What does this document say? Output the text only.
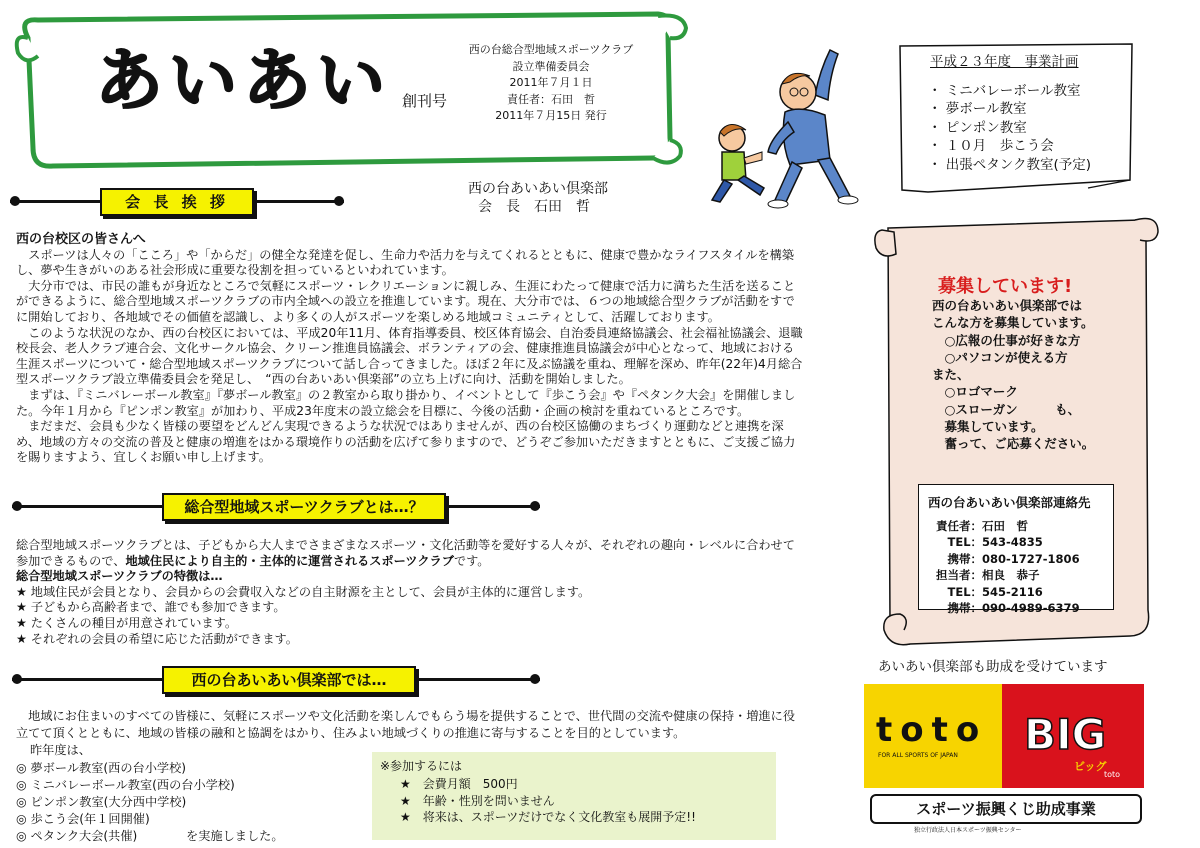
あいあい 創刊号
西の台総合型地域スポーツクラブ
設立準備委員会
2011年７月１日
責任者：石田　哲
2011年７月15日 発行
平成２３年度　事業計画
・ ミニバレーボール教室
・ 夢ボール教室
・ ピンポン教室
・ １０月　歩こう会
・ 出張ペタンク教室(予定)
会 長 挨 拶
西の台あいあい倶楽部
会　長　石田　哲

西の台校区の皆さんへ

　スポーツは人々の「こころ」や「からだ」の健全な発達を促し、生命力や活力を与えてくれるとともに、健康で豊かなライフスタイルを構築し、夢や生きがいのある社会形成に重要な役割を担っているといわれています。

　大分市では、市民の誰もが身近なところで気軽にスポーツ・レクリエーションに親しみ、生涯にわたって健康で活力に満ちた生活を送ることができるように、総合型地域スポーツクラブの市内全域への設立を推進しています。現在、大分市では、６つの地域総合型クラブが活動をすでに開始しており、各地域でその価値を認識し、より多くの人がスポーツを楽しめる地域コミュニティとして、活躍しております。

　このような状況のなか、西の台校区においては、平成20年11月、体育指導委員、校区体育協会、自治委員連絡協議会、社会福祉協議会、退職校長会、老人クラブ連合会、文化サークル協会、クリーン推進員協議会、ボランティアの会、健康推進員協議会が中心となって、地域における生涯スポーツについて・総合型地域スポーツクラブについて話し合ってきました。ほぼ２年に及ぶ協議を重ね、理解を深め、昨年(22年)4月総合型スポーツクラブ設立準備委員会を発足し、　“西の台あいあい倶楽部”の立ち上げに向け、活動を開始しました。

　まずは、『ミニバレーボール教室』『夢ボール教室』の２教室から取り掛かり、イベントとして『歩こう会』や『ペタンク大会』を開催しました。今年１月から『ピンポン教室』が加わり、平成23年度末の設立総会を目標に、今後の活動・企画の検討を重ねているところです。

　まだまだ、会員も少なく皆様の要望をどんどん実現できるような状況ではありませんが、西の台校区協働のまちづくり運動などと連携を深め、地域の方々の交流の普及と健康の増進をはかる環境作りの活動を広げて参りますので、どうぞご参加いただきますとともに、ご支援ご協力を賜りますよう、宜しくお願い申し上げます。

総合型地域スポーツクラブとは…？

総合型地域スポーツクラブとは、子どもから大人までさまざまなスポーツ・文化活動等を愛好する人々が、それぞれの趣向・レベルに合わせて参加できるもので、地域住民により自主的・主体的に運営されるスポーツクラブです。

総合型地域スポーツクラブの特徴は…

★ 地域住民が会員となり、会員からの会費収入などの自主財源を主として、会員が主体的に運営します。

★ 子どもから高齢者まで、誰でも参加できます。

★ たくさんの種目が用意されています。

★ それぞれの会員の希望に応じた活動ができます。

西の台あいあい倶楽部では…

　地域にお住まいのすべての皆様に、気軽にスポーツや文化活動を楽しんでもらう場を提供することで、世代間の交流や健康の保持・増進に役立てて頂くとともに、地域の皆様の融和と協調をはかり、住みよい地域づくりの推進に寄与することを目的としています。

昨年度は、

◎ 夢ボール教室(西の台小学校)

◎ ミニバレーボール教室(西の台小学校)

◎ ピンポン教室(大分西中学校)

◎ 歩こう会(年１回開催)

◎ ペタンク大会(共催)　　　　を実施しました。

※参加するには
★　会費月額　500円
★　年齢・性別を問いません
★　将来は、スポーツだけでなく文化教室も展開予定!!
募集しています!
西の台あいあい倶楽部では
こんな方を募集しています。
　○広報の仕事が好きな方
　○パソコンが使える方
また、
　○ロゴマーク
　○スローガン　　　も、
　募集しています。
　奮って、ご応募ください。
西の台あいあい倶楽部連絡先
責任者：石田　哲
　TEL：543-4835
　携帯：080-1727-1806
担当者：相良　恭子
　TEL：545-2116
　携帯：090-4989-6379
あいあい倶楽部も助成を受けています
toto
FOR ALL SPORTS OF JAPAN BIG
ビッグ
toto
スポーツ振興くじ助成事業
独立行政法人日本スポーツ振興センター
